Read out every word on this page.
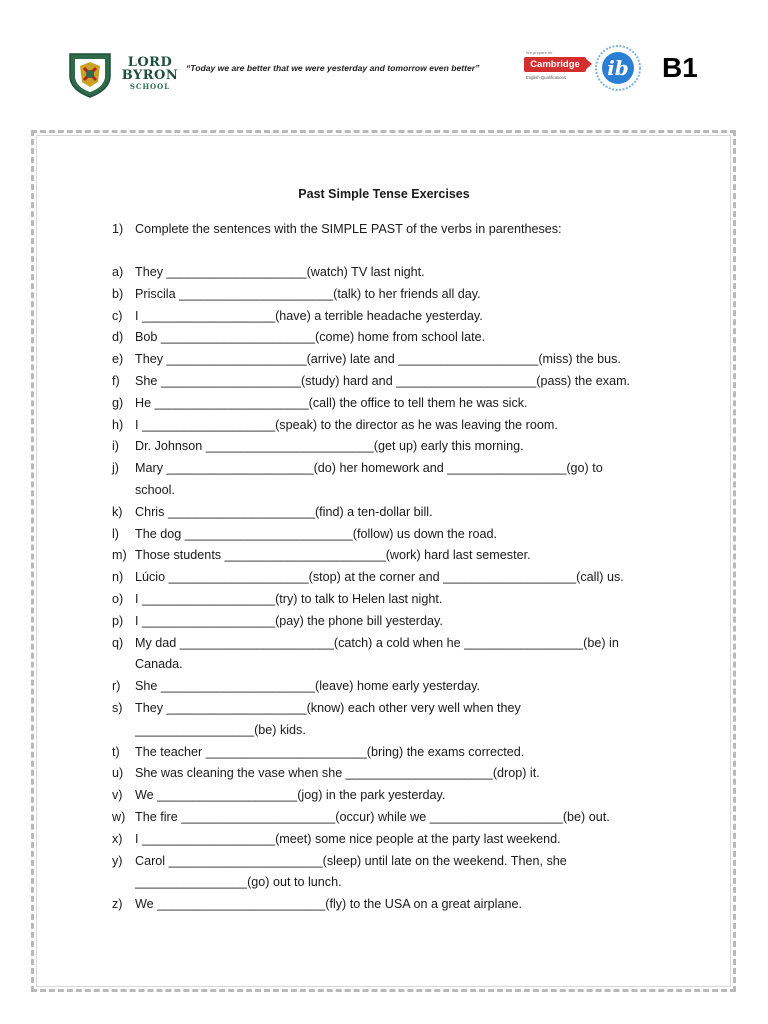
LORD
BYRON
SCHOOL
“Today we are better that we were yesterday and tomorrow even better”
We prepare for
Cambridge
English Qualifications ib B1
Past Simple Tense Exercises
1) Complete the sentences with the SIMPLE PAST of the verbs in parentheses:
a) They ____________________(watch) TV last night.
b) Priscila ______________________(talk) to her friends all day.
c) I ___________________(have) a terrible headache yesterday.
d) Bob ______________________(come) home from school late.
e) They ____________________(arrive) late and ____________________(miss) the bus.
f) She ____________________(study) hard and ____________________(pass) the exam.
g) He ______________________(call) the office to tell them he was sick.
h) I ___________________(speak) to the director as he was leaving the room.
i) Dr. Johnson ________________________(get up) early this morning.
j) Mary _____________________(do) her homework and _________________(go) to
school.
k) Chris _____________________(find) a ten-dollar bill.
l) The dog ________________________(follow) us down the road.
m) Those students _______________________(work) hard last semester.
n) Lúcio ____________________(stop) at the corner and ___________________(call) us.
o) I ___________________(try) to talk to Helen last night.
p) I ___________________(pay) the phone bill yesterday.
q) My dad ______________________(catch) a cold when he _________________(be) in
Canada.
r) She ______________________(leave) home early yesterday.
s) They ____________________(know) each other very well when they
_________________(be) kids.
t) The teacher _______________________(bring) the exams corrected.
u) She was cleaning the vase when she _____________________(drop) it.
v) We ____________________(jog) in the park yesterday.
w) The fire ______________________(occur) while we ___________________(be) out.
x) I ___________________(meet) some nice people at the party last weekend.
y) Carol ______________________(sleep) until late on the weekend. Then, she
________________(go) out to lunch.
z) We ________________________(fly) to the USA on a great airplane.
